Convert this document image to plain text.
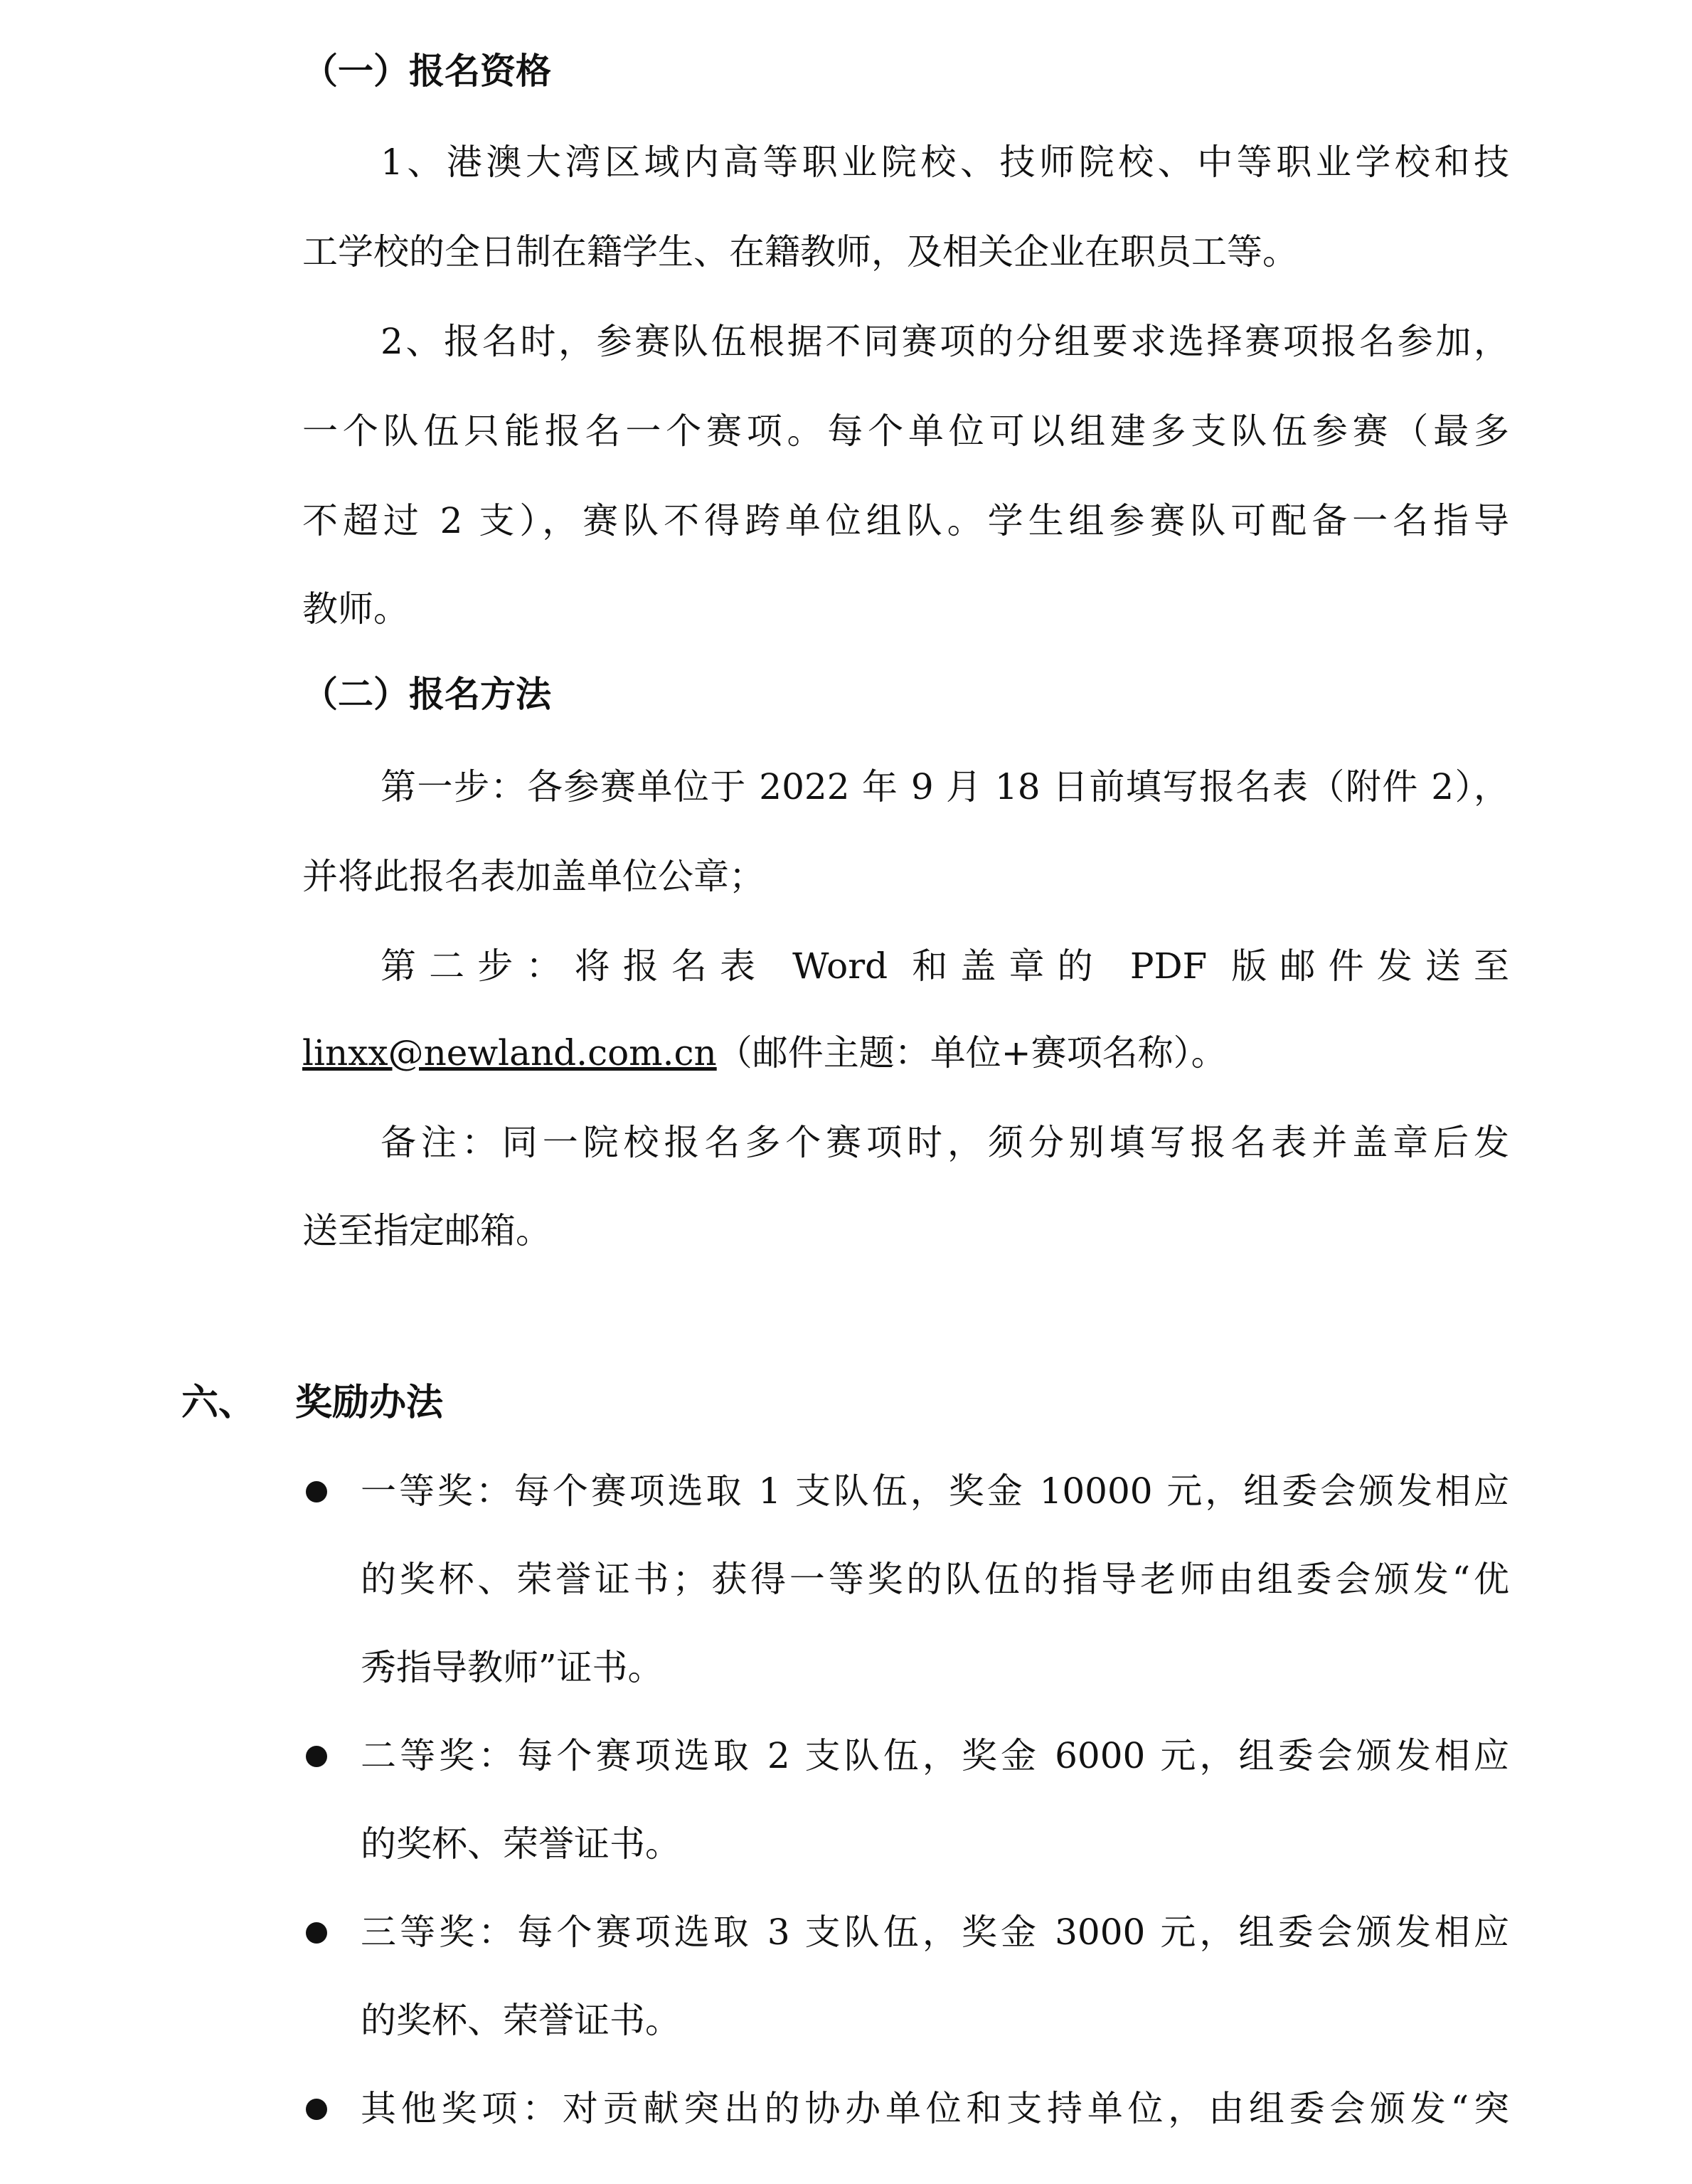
（一）报名资格
1、港澳大湾区域内高等职业院校、技师院校、中等职业学校和技
工学校的全日制在籍学生、在籍教师，及相关企业在职员工等。
2、报名时，参赛队伍根据不同赛项的分组要求选择赛项报名参加，
一个队伍只能报名一个赛项。每个单位可以组建多支队伍参赛（最多
不超过 2 支），赛队不得跨单位组队。学生组参赛队可配备一名指导
教师。
（二）报名方法
第一步：各参赛单位于 2022 年 9 月 18 日前填写报名表（附件 2），
并将此报名表加盖单位公章；
第二步：将报名表 Word 和盖章的 PDF 版邮件发送至
linxx@newland.com.cn（邮件主题：单位+赛项名称）。
备注：同一院校报名多个赛项时，须分别填写报名表并盖章后发
送至指定邮箱。
六、 奖励办法
一等奖：每个赛项选取 1 支队伍，奖金 10000 元，组委会颁发相应
的奖杯、荣誉证书；获得一等奖的队伍的指导老师由组委会颁发“优
秀指导教师”证书。
二等奖：每个赛项选取 2 支队伍，奖金 6000 元，组委会颁发相应
的奖杯、荣誉证书。
三等奖：每个赛项选取 3 支队伍，奖金 3000 元，组委会颁发相应
的奖杯、荣誉证书。
其他奖项：对贡献突出的协办单位和支持单位，由组委会颁发“突
